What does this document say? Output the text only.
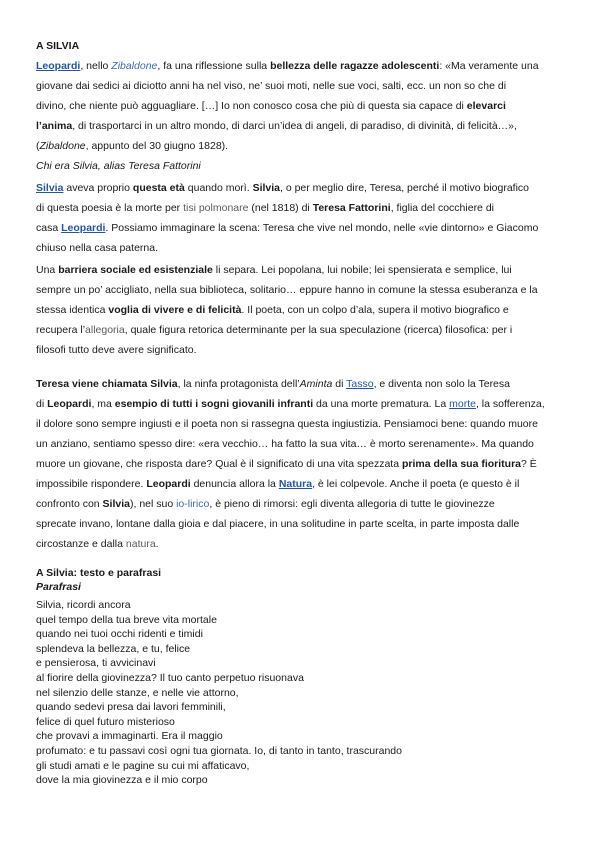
A SILVIA
Leopardi, nello Zibaldone, fa una riflessione sulla bellezza delle ragazze adolescenti: «Ma veramente una
giovane dai sedici ai diciotto anni ha nel viso, ne’ suoi moti, nelle sue voci, salti, ecc. un non so che di
divino, che niente può agguagliare. […] Io non conosco cosa che più di questa sia capace di elevarci
l’anima, di trasportarci in un altro mondo, di darci un’idea di angeli, di paradiso, di divinità, di felicità…»,
(Zibaldone, appunto del 30 giugno 1828).
Chi era Silvia, alias Teresa Fattorini
Silvia aveva proprio questa età quando morì. Silvia, o per meglio dire, Teresa, perché il motivo biografico
di questa poesia è la morte per tisi polmonare (nel 1818) di Teresa Fattorini, figlia del cocchiere di
casa Leopardi. Possiamo immaginare la scena: Teresa che vive nel mondo, nelle «vie dintorno» e Giacomo
chiuso nella casa paterna.
Una barriera sociale ed esistenziale li separa. Lei popolana, lui nobile; lei spensierata e semplice, lui
sempre un po’ accigliato, nella sua biblioteca, solitario… eppure hanno in comune la stessa esuberanza e la
stessa identica voglia di vivere e di felicità. Il poeta, con un colpo d’ala, supera il motivo biografico e
recupera l’allegoria, quale figura retorica determinante per la sua speculazione (ricerca) filosofica: per i
filosofi tutto deve avere significato.
Teresa viene chiamata Silvia, la ninfa protagonista dell’Aminta di Tasso, e diventa non solo la Teresa
di Leopardi, ma esempio di tutti i sogni giovanili infranti da una morte prematura. La morte, la sofferenza,
il dolore sono sempre ingiusti e il poeta non si rassegna questa ingiustizia. Pensiamoci bene: quando muore
un anziano, sentiamo spesso dire: «era vecchio… ha fatto la sua vita… è morto serenamente». Ma quando
muore un giovane, che risposta dare? Qual è il significato di una vita spezzata prima della sua fioritura? È
impossibile rispondere. Leopardi denuncia allora la Natura, è lei colpevole. Anche il poeta (e questo è il
confronto con Silvia), nel suo io-lirico, è pieno di rimorsi: egli diventa allegoria di tutte le giovinezze
sprecate invano, lontane dalla gioia e dal piacere, in una solitudine in parte scelta, in parte imposta dalle
circostanze e dalla natura.
A Silvia: testo e parafrasi
Parafrasi
Silvia, ricordi ancora
quel tempo della tua breve vita mortale
quando nei tuoi occhi ridenti e timidi
splendeva la bellezza, e tu, felice
e pensierosa, ti avvicinavi
al fiorire della giovinezza? Il tuo canto perpetuo risuonava
nel silenzio delle stanze, e nelle vie attorno,
quando sedevi presa dai lavori femminili,
felice di quel futuro misterioso
che provavi a immaginarti. Era il maggio
profumato: e tu passavi così ogni tua giornata. Io, di tanto in tanto, trascurando
gli studi amati e le pagine su cui mi affaticavo,
dove la mia giovinezza e il mio corpo
